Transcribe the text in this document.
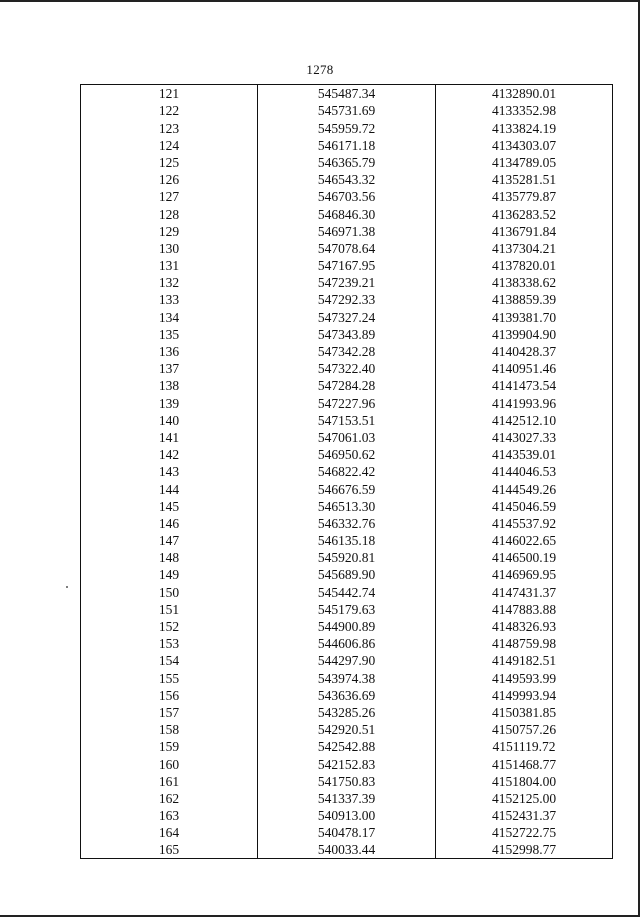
1278
121	545487.34	4132890.01
122	545731.69	4133352.98
123	545959.72	4133824.19
124	546171.18	4134303.07
125	546365.79	4134789.05
126	546543.32	4135281.51
127	546703.56	4135779.87
128	546846.30	4136283.52
129	546971.38	4136791.84
130	547078.64	4137304.21
131	547167.95	4137820.01
132	547239.21	4138338.62
133	547292.33	4138859.39
134	547327.24	4139381.70
135	547343.89	4139904.90
136	547342.28	4140428.37
137	547322.40	4140951.46
138	547284.28	4141473.54
139	547227.96	4141993.96
140	547153.51	4142512.10
141	547061.03	4143027.33
142	546950.62	4143539.01
143	546822.42	4144046.53
144	546676.59	4144549.26
145	546513.30	4145046.59
146	546332.76	4145537.92
147	546135.18	4146022.65
148	545920.81	4146500.19
149	545689.90	4146969.95
150	545442.74	4147431.37
151	545179.63	4147883.88
152	544900.89	4148326.93
153	544606.86	4148759.98
154	544297.90	4149182.51
155	543974.38	4149593.99
156	543636.69	4149993.94
157	543285.26	4150381.85
158	542920.51	4150757.26
159	542542.88	4151119.72
160	542152.83	4151468.77
161	541750.83	4151804.00
162	541337.39	4152125.00
163	540913.00	4152431.37
164	540478.17	4152722.75
165	540033.44	4152998.77
